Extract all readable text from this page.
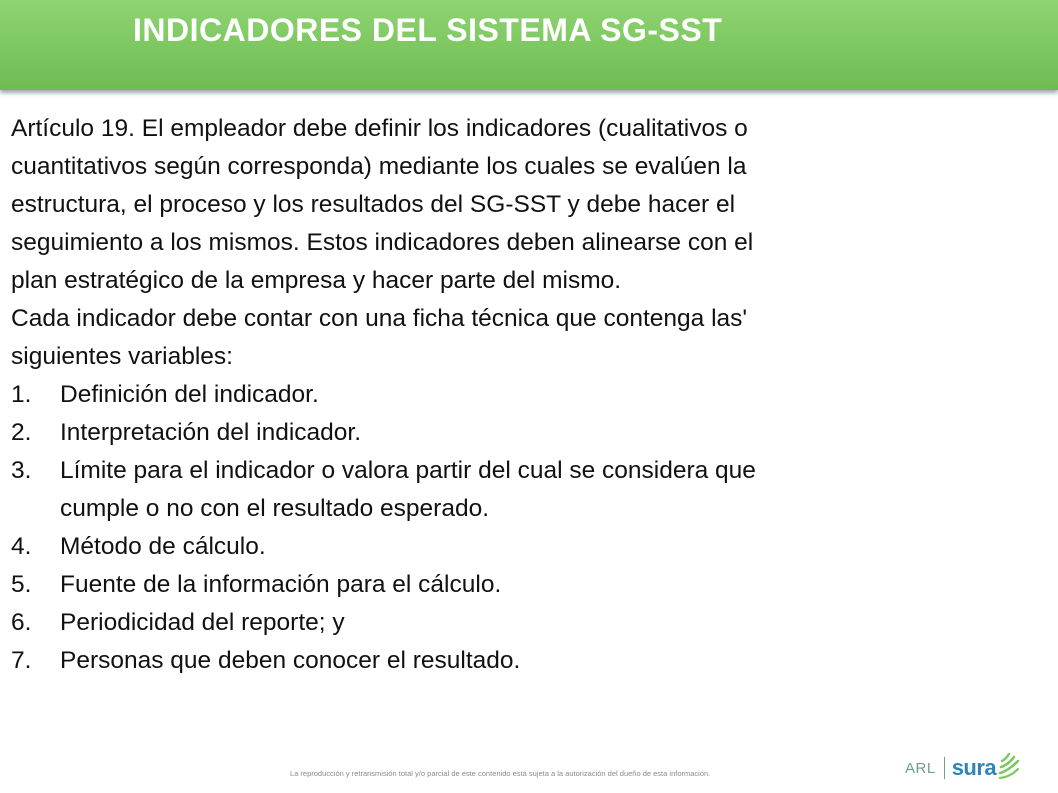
INDICADORES DEL SISTEMA SG-SST

Artículo 19. El empleador debe definir los indicadores (cualitativos o
cuantitativos según corresponda) mediante los cuales se evalúen la
estructura, el proceso y los resultados del SG-SST y debe hacer el
seguimiento a los mismos. Estos indicadores deben alinearse con el
plan estratégico de la empresa y hacer parte del mismo.

Cada indicador debe contar con una ficha técnica que contenga las'
siguientes variables:

1.	Definición del indicador.
2.	Interpretación del indicador.
3.	Límite para el indicador o valora partir del cual se considera que
cumple o no con el resultado esperado.
4.	Método de cálculo.
5.	Fuente de la información para el cálculo.
6.	Periodicidad del reporte; y
7.	Personas que deben conocer el resultado.
La reproducción y retransmisión total y/o parcial de este contenido está sujeta a la autorización del dueño de esta información.	ARL sura
